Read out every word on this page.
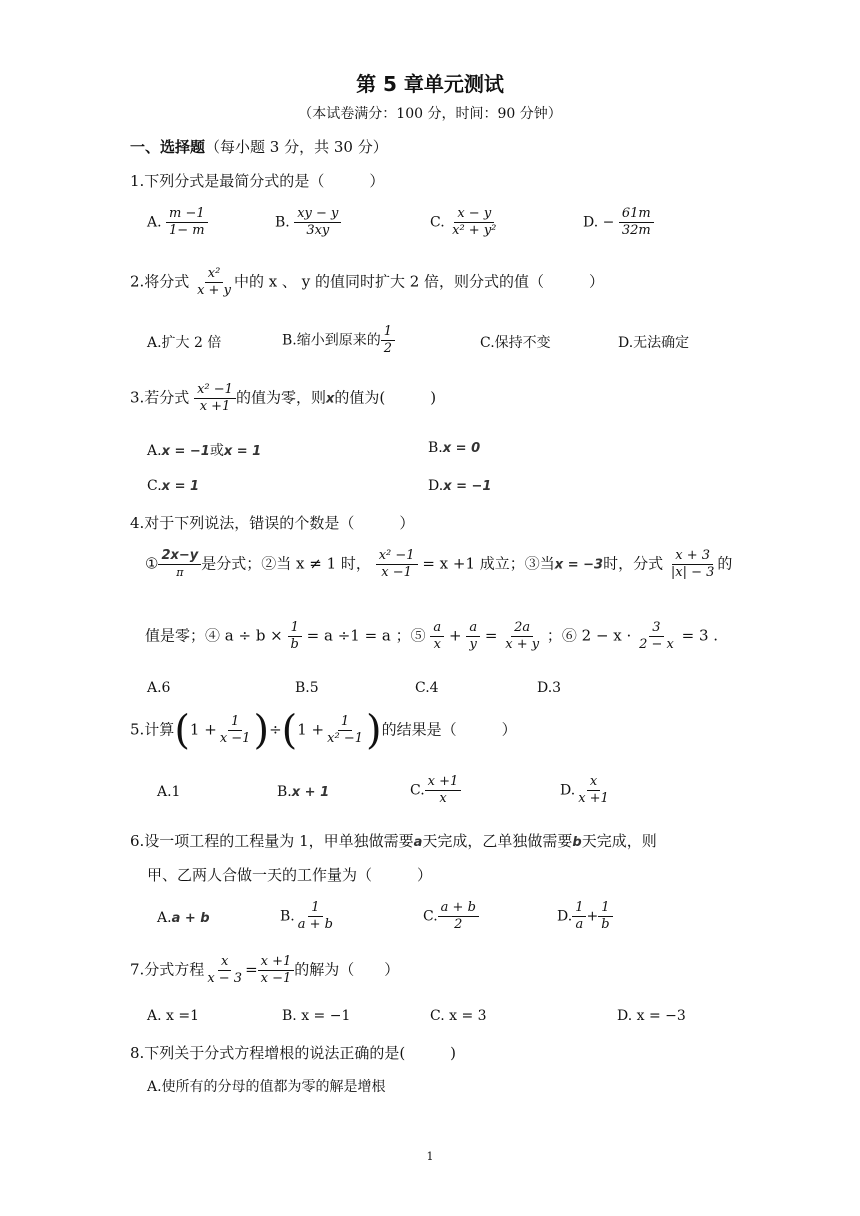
第 5 章单元测试
（本试卷满分：100 分，时间：90 分钟）
一、选择题（每小题 3 分，共 30 分）
1.下列分式是最简分式的是（　　　）
A. $\frac{m -1}{1- m}$	B. $\frac{xy - y}{3xy}$	C. $\frac{x - y}{\text{x² + y²}}$	D. − $\frac{61m}{32m}$
2.将分式 $\frac{\text{x²}}{x + y}$ 中的 x 、 y 的值同时扩大 2 倍，则分式的值（　　　）
A.扩大 2 倍	B.缩小到原来的 $\frac{1}{2}$	C.保持不变	D.无法确定
3.若分式 $\frac{\text{x² −1}}{x +1}$ 的值为零，则x的值为(　　　)
A.x = −1或x = 1	B.x = 0
C.x = 1	D.x = −1
4.对于下列说法，错误的个数是（　　　）
① $\frac{2x-y}{\pi}$ 是分式；②当 x ≠ 1 时， $\frac{\text{x² −1}}{x -1} = x +1$ 成立；③当x = −3时，分式 $\frac{x + 3}{|x| - 3}$ 的
值是零；④ $a \div b \times \frac{1}{b} = a \div 1 = a$ ；⑤ $\frac{a}{x} + \frac{a}{y} = \frac{2a}{x + y}$ ；⑥ $2 - x \cdot \frac{3}{2 - x} = 3$ .
A.6	B.5	C.4	D.3
5.计算$(1 + \frac{1}{x -1} )\div(1 + \frac{1}{\text{x² −1}}$ )的结果是（　　　）
A.1	B.x + 1	C. $\frac{x +1}{x}$	D. $\frac{x}{x +1}$
6.设一项工程的工程量为 1，甲单独做需要a天完成，乙单独做需要b天完成，则
甲、乙两人合做一天的工作量为（　　　）
A.a + b	B. $\frac{1}{a + b}$	C. $\frac{a + b}{2}$	D. $\frac{1}{a} + \frac{1}{b}$
7.分式方程 $\frac{x}{x - 3} = \frac{x +1}{x -1}$ 的解为（　　）
A. x =1	B. x = −1	C. x = 3	D. x = −3
8.下列关于分式方程增根的说法正确的是(　　　)
A.使所有的分母的值都为零的解是增根
1
